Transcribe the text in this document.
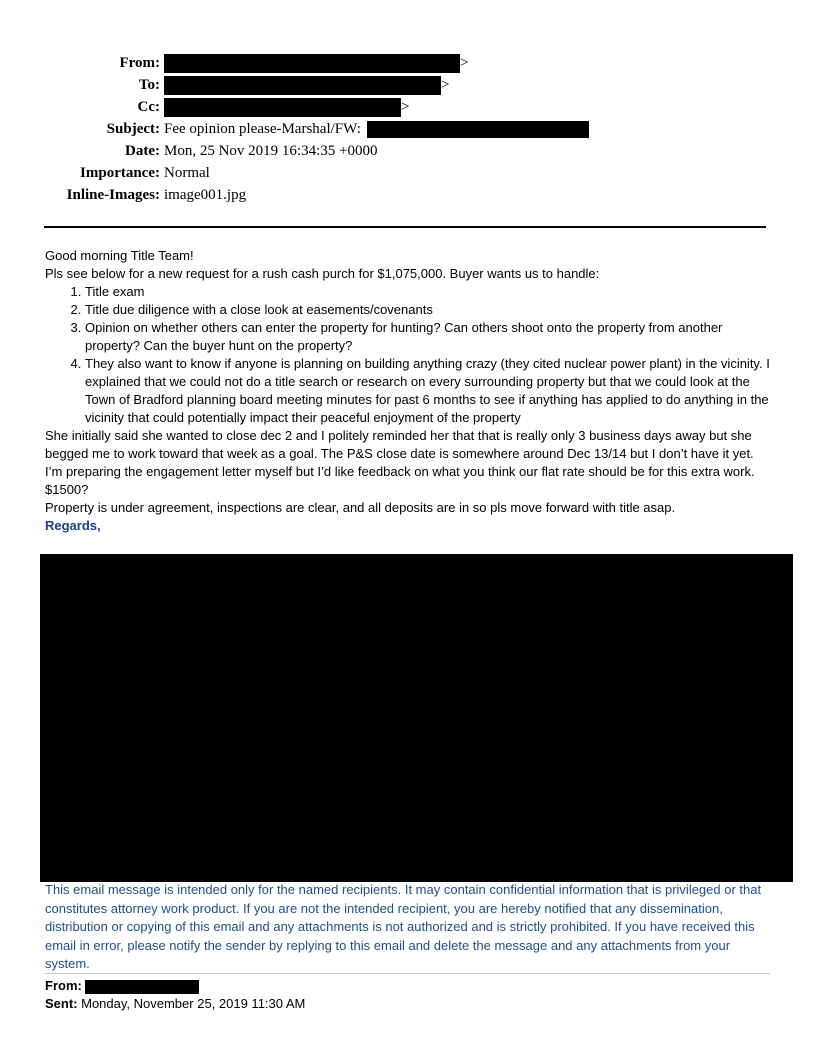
From:	>
To:	>
Cc:	>
Subject: Fee opinion please-Marshal/FW:
Date: Mon, 25 Nov 2019 16:34:35 +0000
Importance: Normal
Inline-Images: image001.jpg

Good morning Title Team!

Pls see below for a new request for a rush cash purch for $1,075,000. Buyer wants us to handle:

1. Title exam
2. Title due diligence with a close look at easements/covenants
3. Opinion on whether others can enter the property for hunting? Can others shoot onto the property from another property? Can the buyer hunt on the property?
4. They also want to know if anyone is planning on building anything crazy (they cited nuclear power plant) in the vicinity. I explained that we could not do a title search or research on every surrounding property but that we could look at the Town of Bradford planning board meeting minutes for past 6 months to see if anything has applied to do anything in the vicinity that could potentially impact their peaceful enjoyment of the property

She initially said she wanted to close dec 2 and I politely reminded her that that is really only 3 business days away but she begged me to work toward that week as a goal. The P&S close date is somewhere around Dec 13/14 but I don’t have it yet.

I’m preparing the engagement letter myself but I’d like feedback on what you think our flat rate should be for this extra work. $1500?

Property is under agreement, inspections are clear, and all deposits are in so pls move forward with title asap.

Regards,

This email message is intended only for the named recipients. It may contain confidential information that is privileged or that constitutes attorney work product. If you are not the intended recipient, you are hereby notified that any dissemination, distribution or copying of this email and any attachments is not authorized and is strictly prohibited. If you have received this email in error, please notify the sender by replying to this email and delete the message and any attachments from your system.
From:
Sent: Monday, November 25, 2019 11:30 AM
